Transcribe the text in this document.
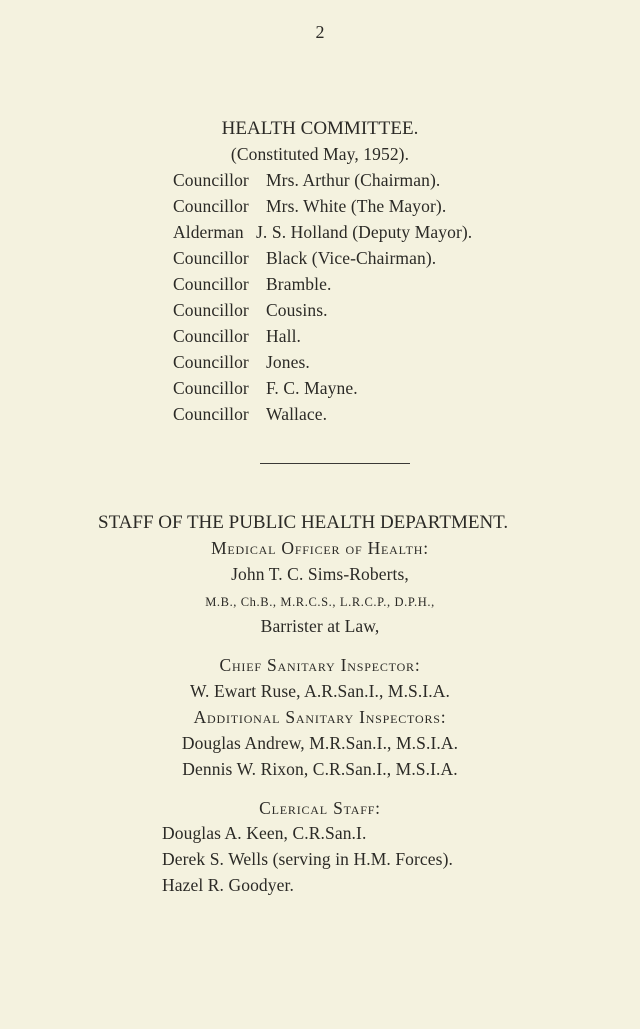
2
HEALTH COMMITTEE.
(Constituted May, 1952).
Councillor Mrs. Arthur (Chairman).
Councillor Mrs. White (The Mayor).
Alderman J. S. Holland (Deputy Mayor).
Councillor Black (Vice-Chairman).
Councillor Bramble.
Councillor Cousins.
Councillor Hall.
Councillor Jones.
Councillor F. C. Mayne.
Councillor Wallace.
STAFF OF THE PUBLIC HEALTH DEPARTMENT.
Medical Officer of Health:
John T. C. Sims-Roberts,
M.B., Ch.B., M.R.C.S., L.R.C.P., D.P.H.,
Barrister at Law,
Chief Sanitary Inspector:
W. Ewart Ruse, A.R.San.I., M.S.I.A.
Additional Sanitary Inspectors:
Douglas Andrew, M.R.San.I., M.S.I.A.
Dennis W. Rixon, C.R.San.I., M.S.I.A.
Clerical Staff:
Douglas A. Keen, C.R.San.I.
Derek S. Wells (serving in H.M. Forces).
Hazel R. Goodyer.
